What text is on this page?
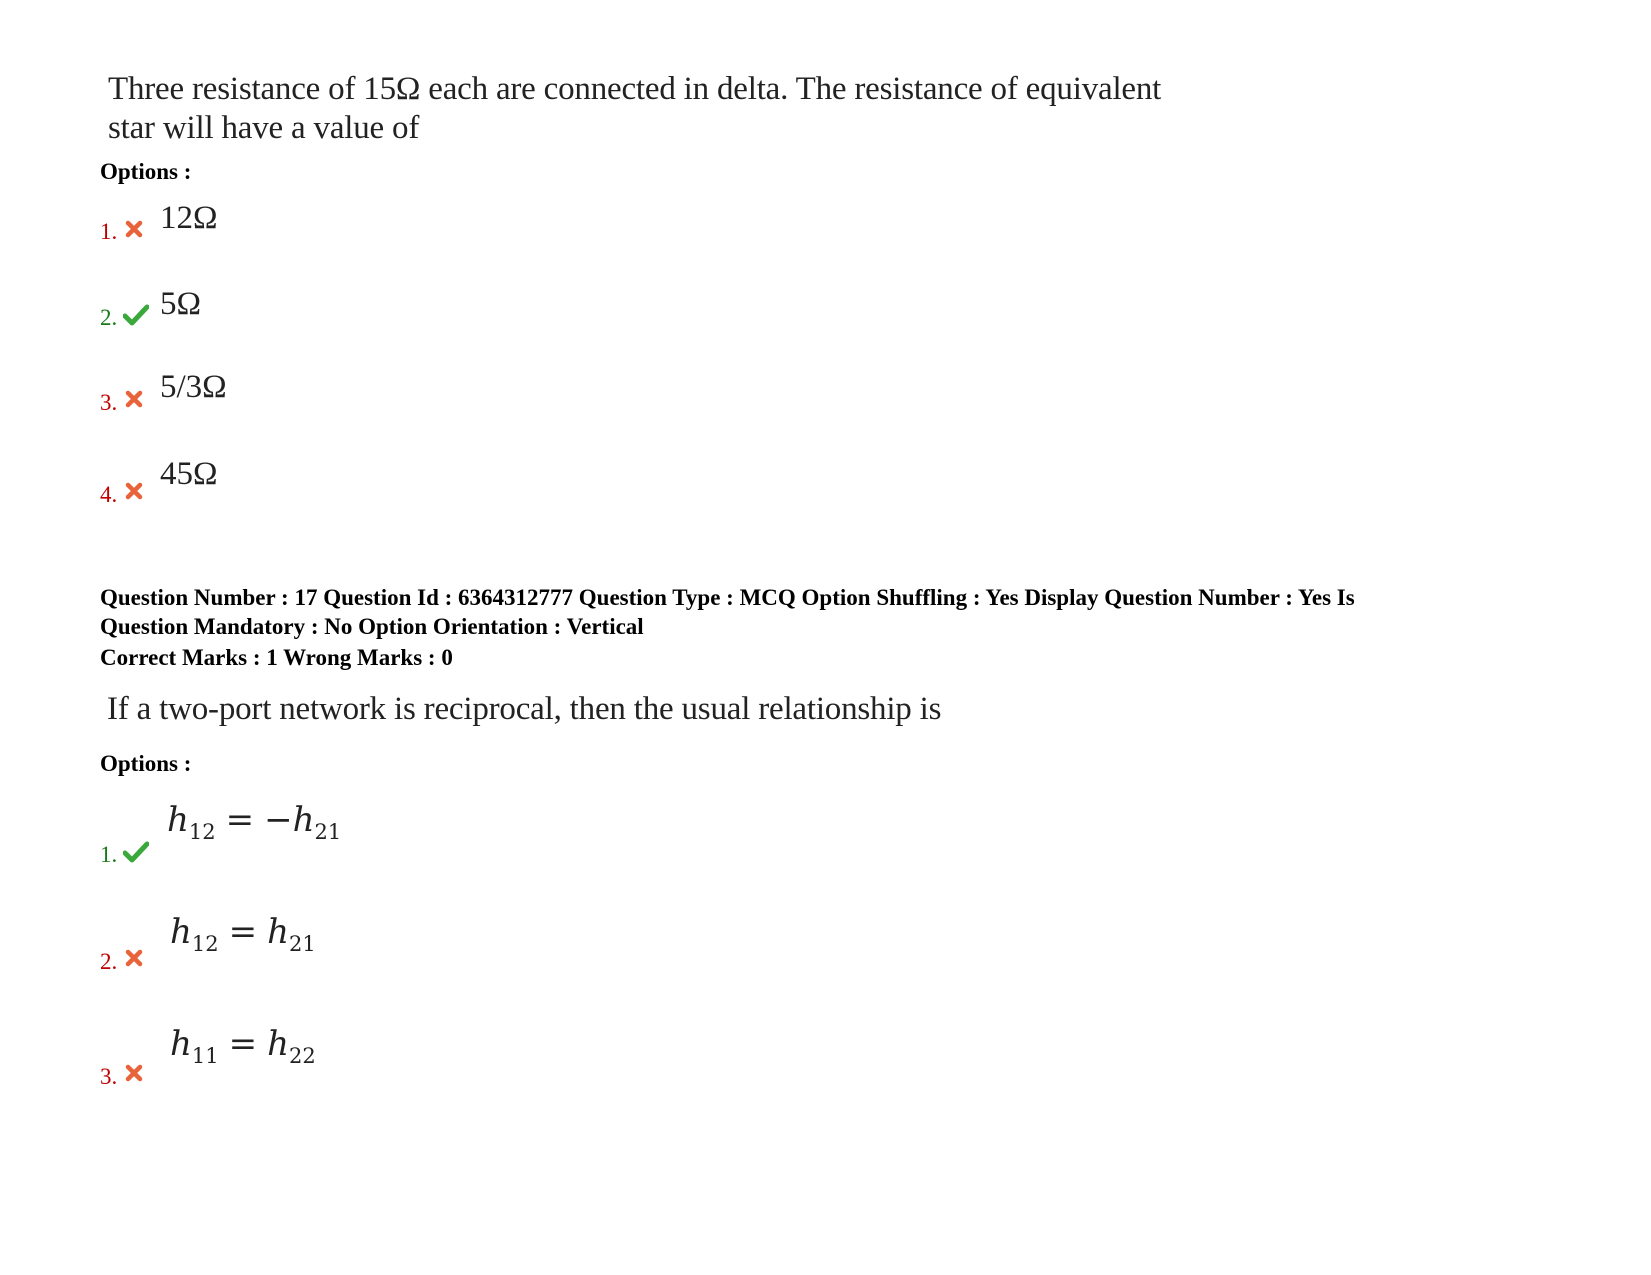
Three resistance of 15Ω each are connected in delta. The resistance of equivalent
star will have a value of
Options :
1. 12Ω
2. 5Ω
3. 5/3Ω
4.
45Ω
Question Number : 17 Question Id : 6364312777 Question Type : MCQ Option Shuffling : Yes Display Question Number : Yes Is
Question Mandatory : No Option Orientation : Vertical
Correct Marks : 1 Wrong Marks : 0
If a two-port network is reciprocal, then the usual relationship is
Options :
1.
$h_{12} = -h_{21}$
2.
$h_{12} = h_{21}$
3.
$h_{11} = h_{22}$
